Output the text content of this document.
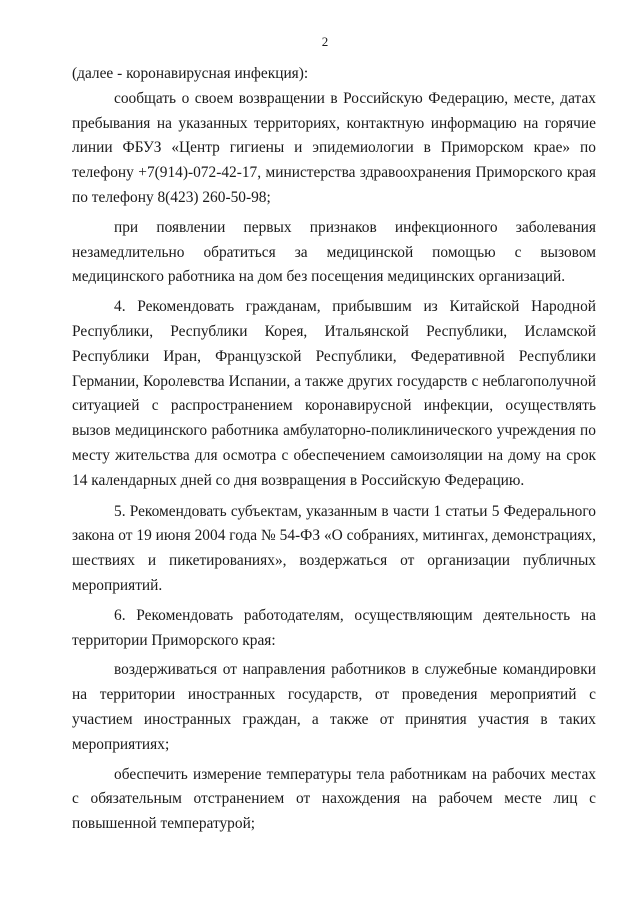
2

(далее - коронавирусная инфекция):

сообщать о своем возвращении в Российскую Федерацию, месте, датах пребывания на указанных территориях, контактную информацию на горячие линии ФБУЗ «Центр гигиены и эпидемиологии в Приморском крае» по телефону +7(914)-072-42-17, министерства здравоохранения Приморского края по телефону 8(423) 260-50-98;

при появлении первых признаков инфекционного заболевания незамедлительно обратиться за медицинской помощью с вызовом медицинского работника на дом без посещения медицинских организаций.

4. Рекомендовать гражданам, прибывшим из Китайской Народной Республики, Республики Корея, Итальянской Республики, Исламской Республики Иран, Французской Республики, Федеративной Республики Германии, Королевства Испании, а также других государств с неблагополучной ситуацией с распространением коронавирусной инфекции, осуществлять вызов медицинского работника амбулаторно-поликлинического учреждения по месту жительства для осмотра с обеспечением самоизоляции на дому на срок 14 календарных дней со дня возвращения в Российскую Федерацию.

5. Рекомендовать субъектам, указанным в части 1 статьи 5 Федерального закона от 19 июня 2004 года № 54-ФЗ «О собраниях, митингах, демонстрациях, шествиях и пикетированиях», воздержаться от организации публичных мероприятий.

6. Рекомендовать работодателям, осуществляющим деятельность на территории Приморского края:

воздерживаться от направления работников в служебные командировки на территории иностранных государств, от проведения мероприятий с участием иностранных граждан, а также от принятия участия в таких мероприятиях;

обеспечить измерение температуры тела работникам на рабочих местах с обязательным отстранением от нахождения на рабочем месте лиц с повышенной температурой;
